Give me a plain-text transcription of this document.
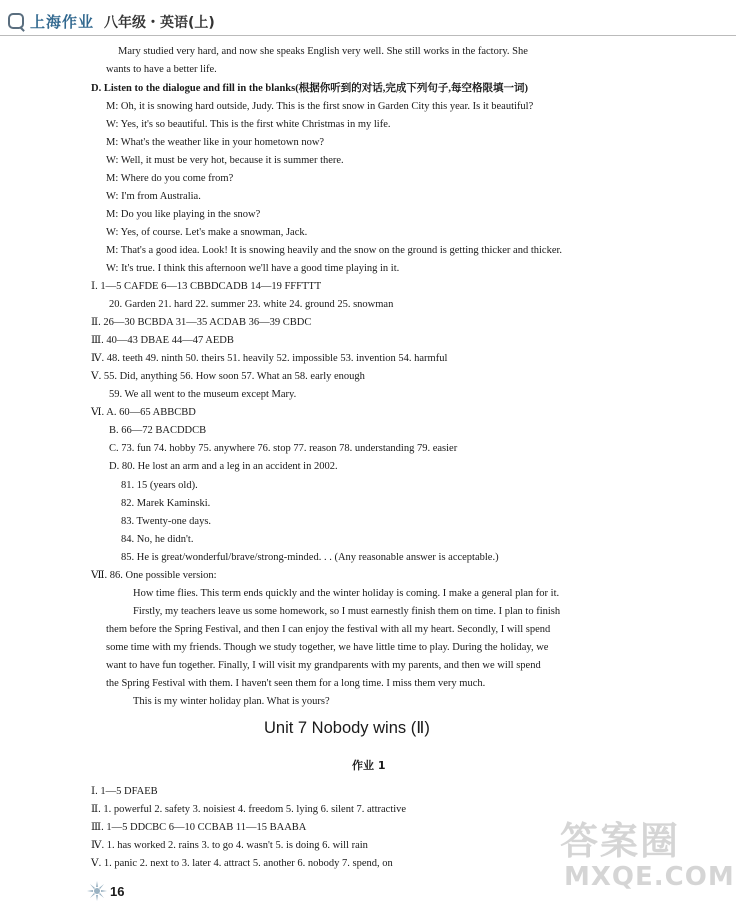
上海作业 八年级・英语(上)
Mary studied very hard, and now she speaks English very well. She still works in the factory. She
wants to have a better life.
D. Listen to the dialogue and fill in the blanks(根据你听到的对话,完成下列句子,每空格限填一词)
M: Oh, it is snowing hard outside, Judy. This is the first snow in Garden City this year. Is it beautiful?
W: Yes, it's so beautiful. This is the first white Christmas in my life.
M: What's the weather like in your hometown now?
W: Well, it must be very hot, because it is summer there.
M: Where do you come from?
W: I'm from Australia.
M: Do you like playing in the snow?
W: Yes, of course. Let's make a snowman, Jack.
M: That's a good idea. Look! It is snowing heavily and the snow on the ground is getting thicker and thicker.
W: It's true. I think this afternoon we'll have a good time playing in it.
Ⅰ. 1—5 CAFDE 6—13 CBBDCADB 14—19 FFFTTT
20. Garden 21. hard 22. summer 23. white 24. ground 25. snowman
Ⅱ. 26—30 BCBDA 31—35 ACDAB 36—39 CBDC
Ⅲ. 40—43 DBAE 44—47 AEDB
Ⅳ. 48. teeth 49. ninth 50. theirs 51. heavily 52. impossible 53. invention 54. harmful
Ⅴ. 55. Did, anything 56. How soon 57. What an 58. early enough
59. We all went to the museum except Mary.
Ⅵ. A. 60—65 ABBCBD
B. 66—72 BACDDCB
C. 73. fun 74. hobby 75. anywhere 76. stop 77. reason 78. understanding 79. easier
D. 80. He lost an arm and a leg in an accident in 2002.
81. 15 (years old).
82. Marek Kaminski.
83. Twenty-one days.
84. No, he didn't.
85. He is great/wonderful/brave/strong-minded. . . (Any reasonable answer is acceptable.)
Ⅶ. 86. One possible version:
How time flies. This term ends quickly and the winter holiday is coming. I make a general plan for it.
Firstly, my teachers leave us some homework, so I must earnestly finish them on time. I plan to finish
them before the Spring Festival, and then I can enjoy the festival with all my heart. Secondly, I will spend
some time with my friends. Though we study together, we have little time to play. During the holiday, we
want to have fun together. Finally, I will visit my grandparents with my parents, and then we will spend
the Spring Festival with them. I haven't seen them for a long time. I miss them very much.
This is my winter holiday plan. What is yours?
Unit 7 Nobody wins (Ⅱ)
作业 1
Ⅰ. 1—5 DFAEB
Ⅱ. 1. powerful 2. safety 3. noisiest 4. freedom 5. lying 6. silent 7. attractive
Ⅲ. 1—5 DDCBC 6—10 CCBAB 11—15 BAABA
Ⅳ. 1. has worked 2. rains 3. to go 4. wasn't 5. is doing 6. will rain
Ⅴ. 1. panic 2. next to 3. later 4. attract 5. another 6. nobody 7. spend, on
16
答案圈
MXQE.COM
